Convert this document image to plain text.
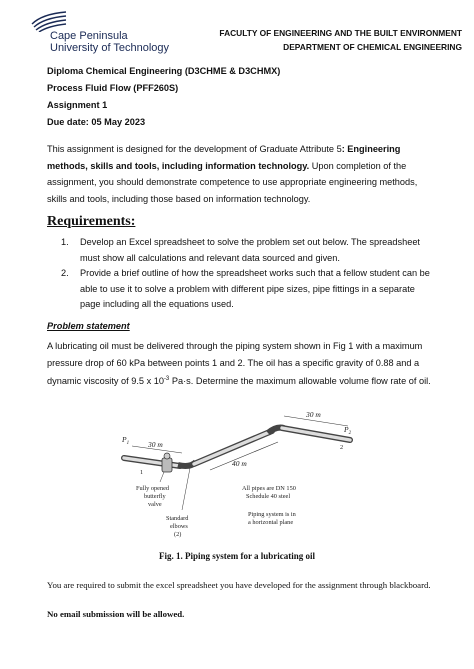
Cape Peninsula
University of Technology
FACULTY OF ENGINEERING AND THE BUILT ENVIRONMENT
DEPARTMENT OF CHEMICAL ENGINEERING
Diploma Chemical Engineering (D3CHME & D3CHMX)
Process Fluid Flow (PFF260S)
Assignment 1
Due date: 05 May 2023
This assignment is designed for the development of Graduate Attribute 5: Engineering methods, skills and tools, including information technology. Upon completion of the assignment, you should demonstrate competence to use appropriate engineering methods, skills and tools, including those based on information technology.
Requirements:
1. Develop an Excel spreadsheet to solve the problem set out below. The spreadsheet must show all calculations and relevant data sourced and given.
2. Provide a brief outline of how the spreadsheet works such that a fellow student can be able to use it to solve a problem with different pipe sizes, pipe fittings in a separate page including all the equations used.
Problem statement
A lubricating oil must be delivered through the piping system shown in Fig 1 with a maximum pressure drop of 60 kPa between points 1 and 2. The oil has a specific gravity of 0.88 and a dynamic viscosity of 9.5 x $10^{-3}$ Pa·s. Determine the maximum allowable volume flow rate of oil.
$P_1$	30 m
1
40 m
30 m
$P_2$
2
Fully opened butterfly valve
Standard elbows (2)
All pipes are DN 150 Schedule 40 steel
Piping system is in a horizontal plane
Fig. 1. Piping system for a lubricating oil
You are required to submit the excel spreadsheet you have developed for the assignment through blackboard.
No email submission will be allowed.
